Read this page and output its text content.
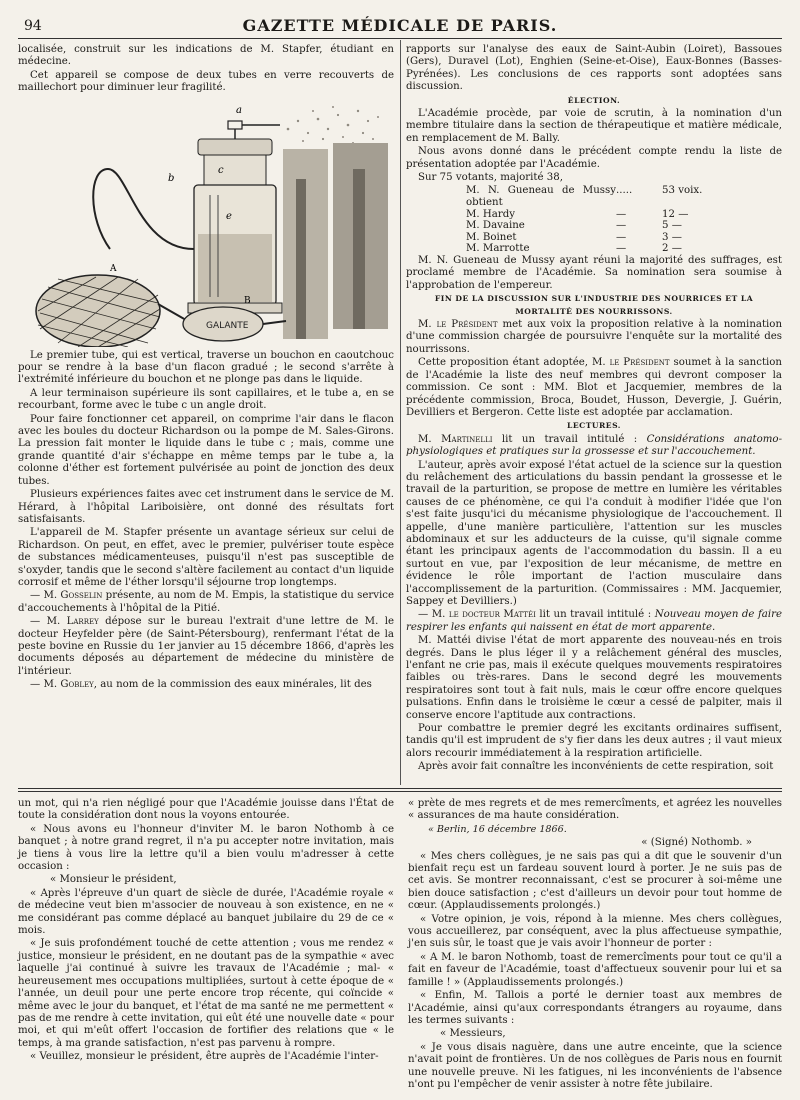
94	GAZETTE MÉDICALE DE PARIS.

localisée, construit sur les indications de M. Stapfer, étudiant en médecine.

Cet appareil se compose de deux tubes en verre recouverts de maillechort pour diminuer leur fragilité.

GALANTE
a
b
c
e
A
B

Le premier tube, qui est vertical, traverse un bouchon en caoutchouc pour se rendre à la base d'un flacon gradué ; le second s'arrête à l'extrémité inférieure du bouchon et ne plonge pas dans le liquide.

A leur terminaison supérieure ils sont capillaires, et le tube a, en se recourbant, forme avec le tube c un angle droit.

Pour faire fonctionner cet appareil, on comprime l'air dans le flacon avec les boules du docteur Richardson ou la pompe de M. Sales-Girons. La pression fait monter le liquide dans le tube c ; mais, comme une grande quantité d'air s'échappe en même temps par le tube a, la colonne d'éther est fortement pulvérisée au point de jonction des deux tubes.

Plusieurs expériences faites avec cet instrument dans le service de M. Hérard, à l'hôpital Lariboisière, ont donné des résultats fort satisfaisants.

L'appareil de M. Stapfer présente un avantage sérieux sur celui de Richardson. On peut, en effet, avec le premier, pulvériser toute espèce de substances médicamenteuses, puisqu'il n'est pas susceptible de s'oxyder, tandis que le second s'altère facilement au contact d'un liquide corrosif et même de l'éther lorsqu'il séjourne trop longtemps.

— M. Gosselin présente, au nom de M. Empis, la statistique du service d'accouchements à l'hôpital de la Pitié.

— M. Larrey dépose sur le bureau l'extrait d'une lettre de M. le docteur Heyfelder père (de Saint-Pétersbourg), renfermant l'état de la peste bovine en Russie du 1er janvier au 15 décembre 1866, d'après les documents déposés au département de médecine du ministère de l'intérieur.

— M. Gobley, au nom de la commission des eaux minérales, lit des

rapports sur l'analyse des eaux de Saint-Aubin (Loiret), Bassoues (Gers), Duravel (Lot), Enghien (Seine-et-Oise), Eaux-Bonnes (Basses-Pyrénées). Les conclusions de ces rapports sont adoptées sans discussion.

ÉLECTION.

L'Académie procède, par voie de scrutin, à la nomination d'un membre titulaire dans la section de thérapeutique et matière médicale, en remplacement de M. Bally.

Nous avons donné dans le précédent compte rendu la liste de présentation adoptée par l'Académie.

Sur 75 votants, majorité 38,

M. N. Gueneau de Mussy obtient
.....	53 voix.
M. Hardy	—	12 —
M. Davaine	—	5 —
M. Boinet	—	3 —
M. Marrotte	—	2 —

M. N. Gueneau de Mussy ayant réuni la majorité des suffrages, est proclamé membre de l'Académie. Sa nomination sera soumise à l'approbation de l'empereur.

FIN DE LA DISCUSSION SUR L'INDUSTRIE DES NOURRICES ET LA MORTALITÉ DES NOURRISSONS.

M. le Président met aux voix la proposition relative à la nomination d'une commission chargée de poursuivre l'enquête sur la mortalité des nourrissons.

Cette proposition étant adoptée, M. le Président soumet à la sanction de l'Académie la liste des neuf membres qui devront composer la commission. Ce sont : MM. Blot et Jacquemier, membres de la précédente commission, Broca, Boudet, Husson, Devergie, J. Guérin, Devilliers et Bergeron. Cette liste est adoptée par acclamation.

LECTURES.

M. Martinelli lit un travail intitulé : Considérations anatomo-physiologiques et pratiques sur la grossesse et sur l'accouchement.

L'auteur, après avoir exposé l'état actuel de la science sur la question du relâchement des articulations du bassin pendant la grossesse et le travail de la parturition, se propose de mettre en lumière les véritables causes de ce phénomène, ce qui l'a conduit à modifier l'idée que l'on s'est faite jusqu'ici du mécanisme physiologique de l'accouchement. Il appelle, d'une manière particulière, l'attention sur les muscles abdominaux et sur les adducteurs de la cuisse, qu'il signale comme étant les principaux agents de l'accommodation du bassin. Il a eu surtout en vue, par l'exposition de leur mécanisme, de mettre en évidence le rôle important de l'action musculaire dans l'accomplissement de la parturition. (Commissaires : MM. Jacquemier, Sappey et Devilliers.)

— M. le docteur Mattéi lit un travail intitulé : Nouveau moyen de faire respirer les enfants qui naissent en état de mort apparente.

M. Mattéi divise l'état de mort apparente des nouveau-nés en trois degrés. Dans le plus léger il y a relâchement général des muscles, l'enfant ne crie pas, mais il exécute quelques mouvements respiratoires faibles ou très-rares. Dans le second degré les mouvements respiratoires sont tout à fait nuls, mais le cœur offre encore quelques pulsations. Enfin dans le troisième le cœur a cessé de palpiter, mais il conserve encore l'aptitude aux contractions.

Pour combattre le premier degré les excitants ordinaires suffisent, tandis qu'il est imprudent de s'y fier dans les deux autres ; il vaut mieux alors recourir immédiatement à la respiration artificielle.

Après avoir fait connaître les inconvénients de cette respiration, soit

un mot, qui n'a rien négligé pour que l'Académie jouisse dans l'État de toute la considération dont nous la voyons entourée.

« Nous avons eu l'honneur d'inviter M. le baron Nothomb à ce banquet ; à notre grand regret, il n'a pu accepter notre invitation, mais je tiens à vous lire la lettre qu'il a bien voulu m'adresser à cette occasion :

« Monsieur le président,

« Après l'épreuve d'un quart de siècle de durée, l'Académie royale « de médecine veut bien m'associer de nouveau à son existence, en ne « me considérant pas comme déplacé au banquet jubilaire du 29 de ce « mois.

« Je suis profondément touché de cette attention ; vous me rendez « justice, monsieur le président, en ne doutant pas de la sympathie « avec laquelle j'ai continué à suivre les travaux de l'Académie ; mal- « heureusement mes occupations multipliées, surtout à cette époque de « l'année, un deuil pour une perte encore trop récente, qui coïncide « même avec le jour du banquet, et l'état de ma santé ne me permettent « pas de me rendre à cette invitation, qui eût été une nouvelle date « pour moi, et qui m'eût offert l'occasion de fortifier des relations que « le temps, à ma grande satisfaction, n'est pas parvenu à rompre.

« Veuillez, monsieur le président, être auprès de l'Académie l'inter-

« prète de mes regrets et de mes remercîments, et agréez les nouvelles « assurances de ma haute considération.

« Berlin, 16 décembre 1866.

« (Signé) Nothomb. »

« Mes chers collègues, je ne sais pas qui a dit que le souvenir d'un bienfait reçu est un fardeau souvent lourd à porter. Je ne suis pas de cet avis. Se montrer reconnaissant, c'est se procurer à soi-même une bien douce satisfaction ; c'est d'ailleurs un devoir pour tout homme de cœur. (Applaudissements prolongés.)

« Votre opinion, je vois, répond à la mienne. Mes chers collègues, vous accueillerez, par conséquent, avec la plus affectueuse sympathie, j'en suis sûr, le toast que je vais avoir l'honneur de porter :

« A M. le baron Nothomb, toast de remercîments pour tout ce qu'il a fait en faveur de l'Académie, toast d'affectueux souvenir pour lui et sa famille ! » (Applaudissements prolongés.)

« Enfin, M. Tallois a porté le dernier toast aux membres de l'Académie, ainsi qu'aux correspondants étrangers au royaume, dans les termes suivants :

« Messieurs,

« Je vous disais naguère, dans une autre enceinte, que la science n'avait point de frontières. Un de nos collègues de Paris nous en fournit une nouvelle preuve. Ni les fatigues, ni les inconvénients de l'absence n'ont pu l'empêcher de venir assister à notre fête jubilaire.
